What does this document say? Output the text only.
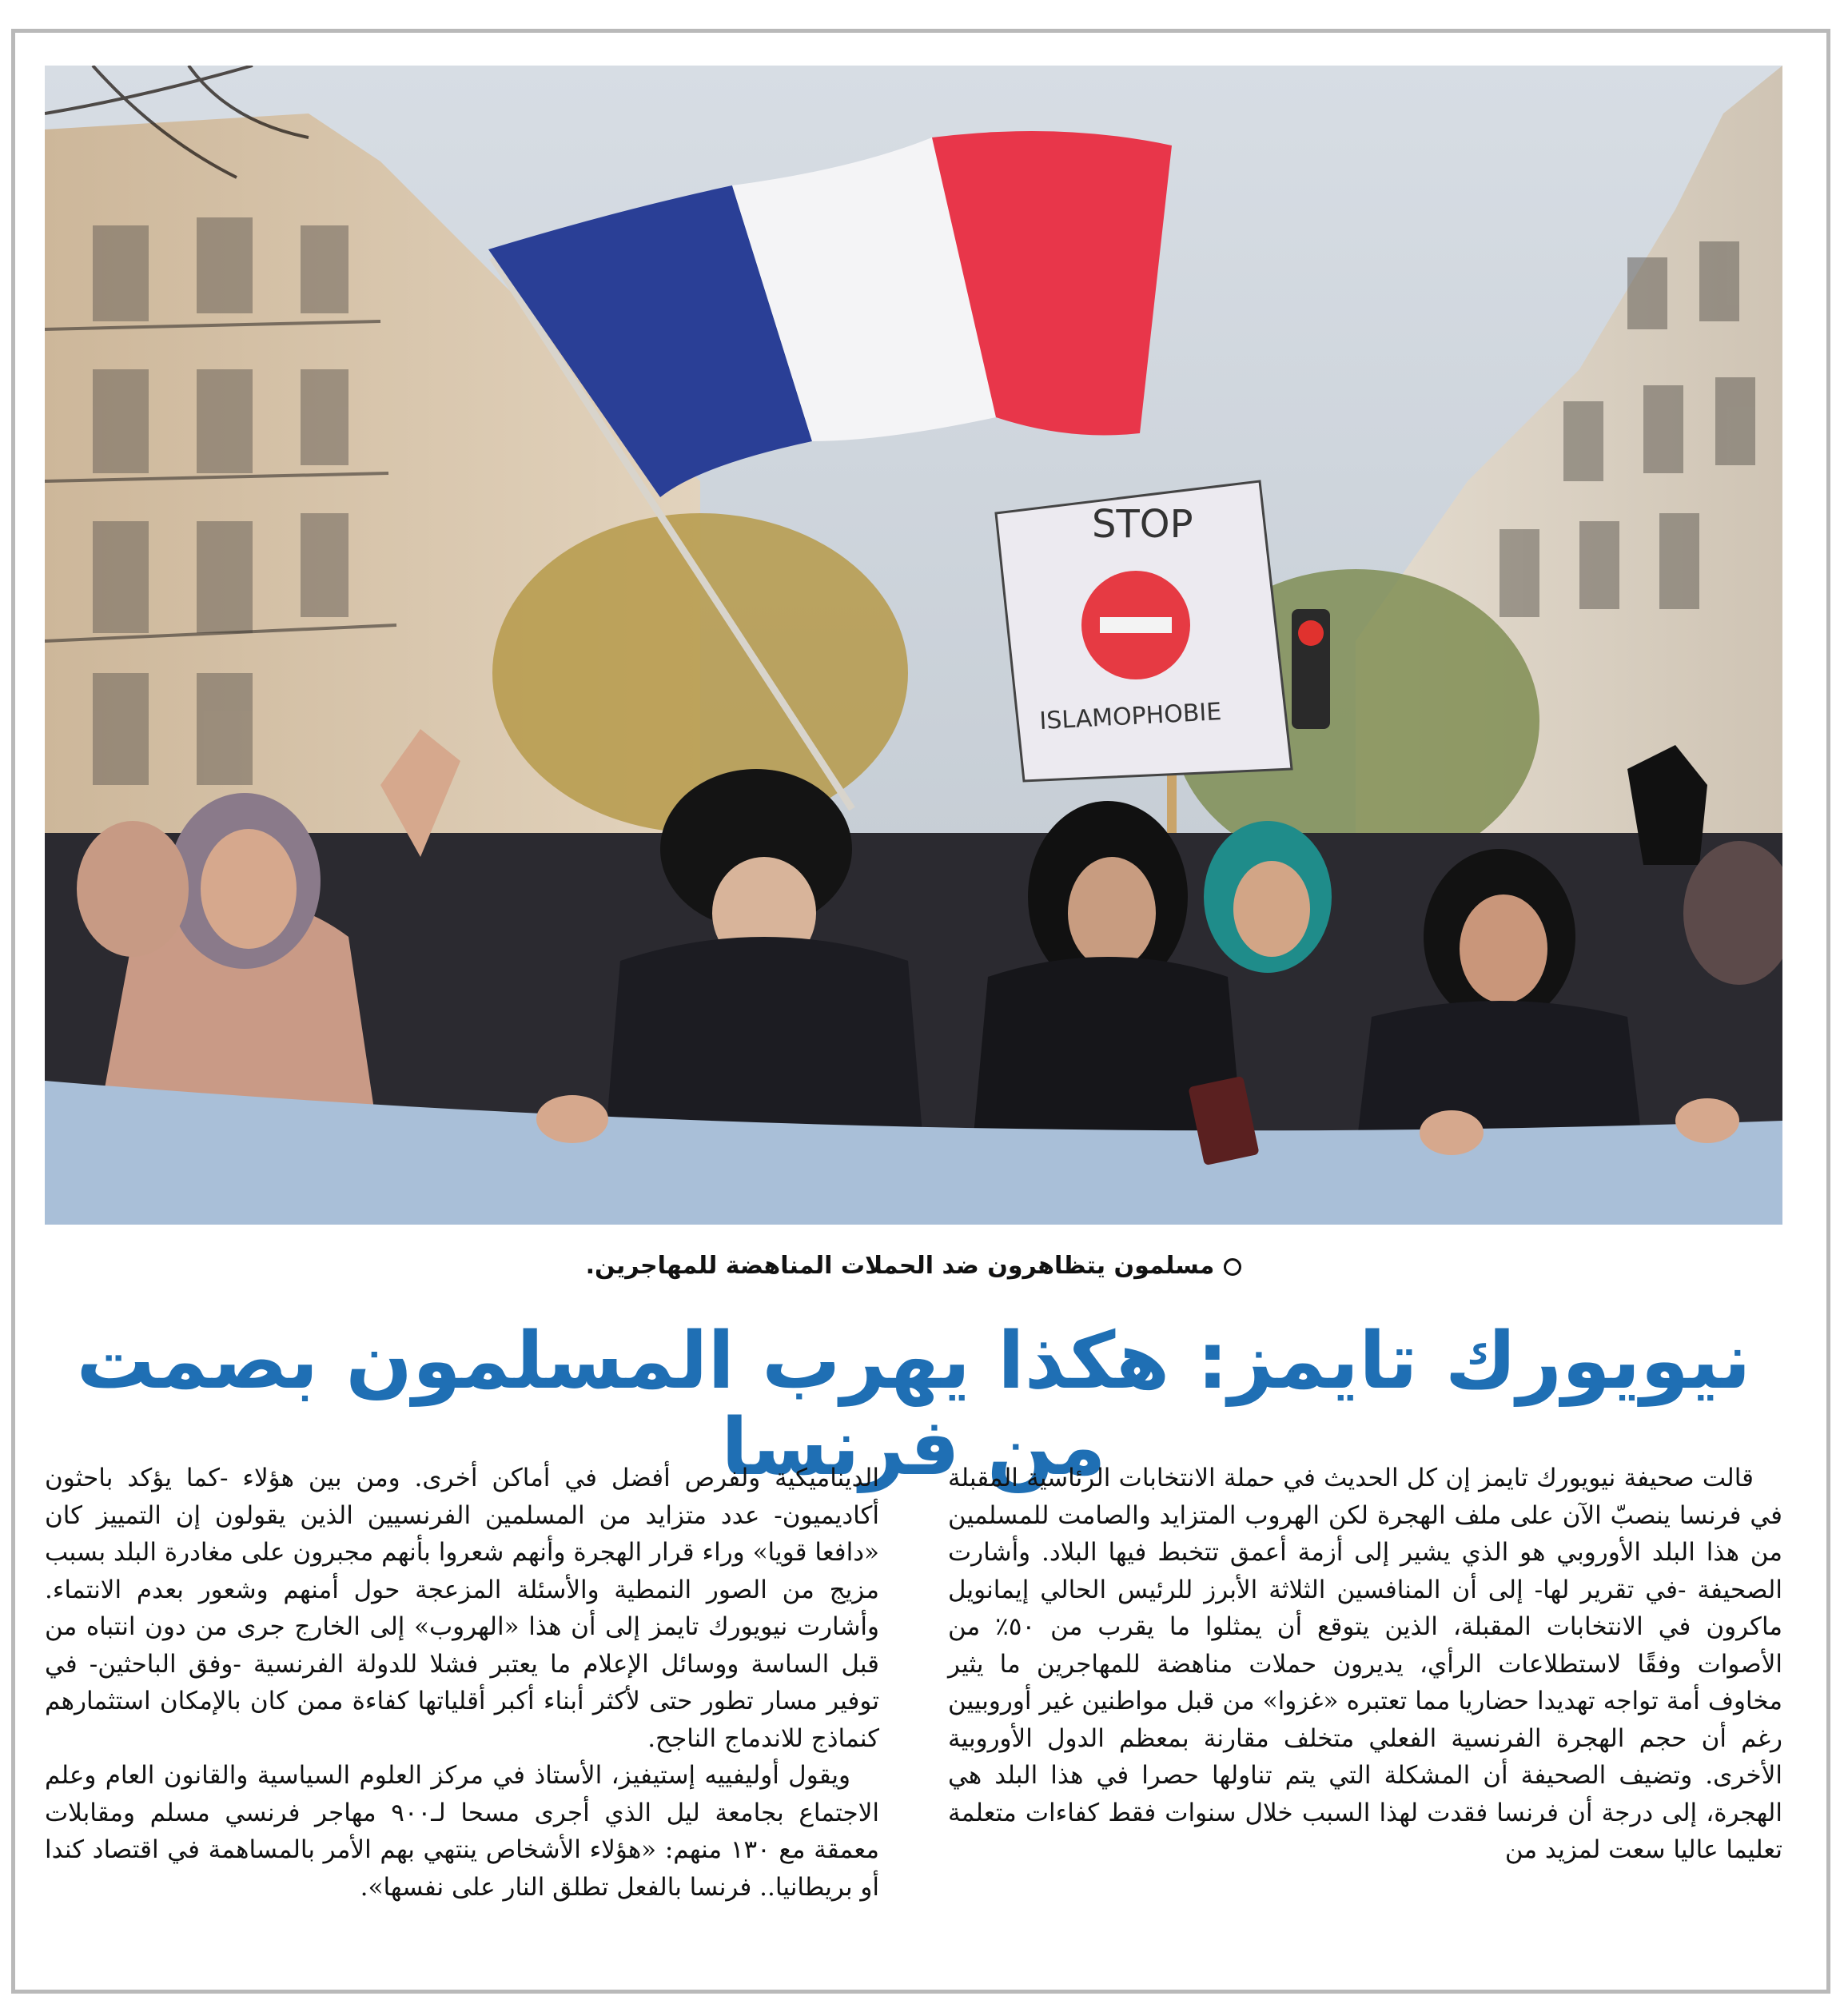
STOP
ISLAMOPHOBIE
مسلمون يتظاهرون ضد الحملات المناهضة للمهاجرين.
نيويورك تايمز: هكذا يهرب المسلمون بصمت من فرنسا

قالت صحيفة نيويورك تايمز إن كل الحديث في حملة الانتخابات الرئاسية المقبلة في فرنسا ينصبّ الآن على ملف الهجرة لكن الهروب المتزايد والصامت للمسلمين من هذا البلد الأوروبي هو الذي يشير إلى أزمة أعمق تتخبط فيها البلاد. وأشارت الصحيفة -في تقرير لها- إلى أن المنافسين الثلاثة الأبرز للرئيس الحالي إيمانويل ماكرون في الانتخابات المقبلة، الذين يتوقع أن يمثلوا ما يقرب من ٥٠٪ من الأصوات وفقًا لاستطلاعات الرأي، يديرون حملات مناهضة للمهاجرين ما يثير مخاوف أمة تواجه تهديدا حضاريا مما تعتبره «غزوا» من قبل مواطنين غير أوروبيين رغم أن حجم الهجرة الفرنسية الفعلي متخلف مقارنة بمعظم الدول الأوروبية الأخرى. وتضيف الصحيفة أن المشكلة التي يتم تناولها حصرا في هذا البلد هي الهجرة، إلى درجة أن فرنسا فقدت لهذا السبب خلال سنوات فقط كفاءات متعلمة تعليما عاليا سعت لمزيد من

الديناميكية ولفرص أفضل في أماكن أخرى. ومن بين هؤلاء -كما يؤكد باحثون أكاديميون- عدد متزايد من المسلمين الفرنسيين الذين يقولون إن التمييز كان «دافعا قويا» وراء قرار الهجرة وأنهم شعروا بأنهم مجبرون على مغادرة البلد بسبب مزيج من الصور النمطية والأسئلة المزعجة حول أمنهم وشعور بعدم الانتماء. وأشارت نيويورك تايمز إلى أن هذا «الهروب» إلى الخارج جرى من دون انتباه من قبل الساسة ووسائل الإعلام ما يعتبر فشلا للدولة الفرنسية -وفق الباحثين- في توفير مسار تطور حتى لأكثر أبناء أكبر أقلياتها كفاءة ممن كان بالإمكان استثمارهم كنماذج للاندماج الناجح.

ويقول أوليفييه إستيفيز، الأستاذ في مركز العلوم السياسية والقانون العام وعلم الاجتماع بجامعة ليل الذي أجرى مسحا لـ٩٠٠ مهاجر فرنسي مسلم ومقابلات معمقة مع ١٣٠ منهم: «هؤلاء الأشخاص ينتهي بهم الأمر بالمساهمة في اقتصاد كندا أو بريطانيا.. فرنسا بالفعل تطلق النار على نفسها».
